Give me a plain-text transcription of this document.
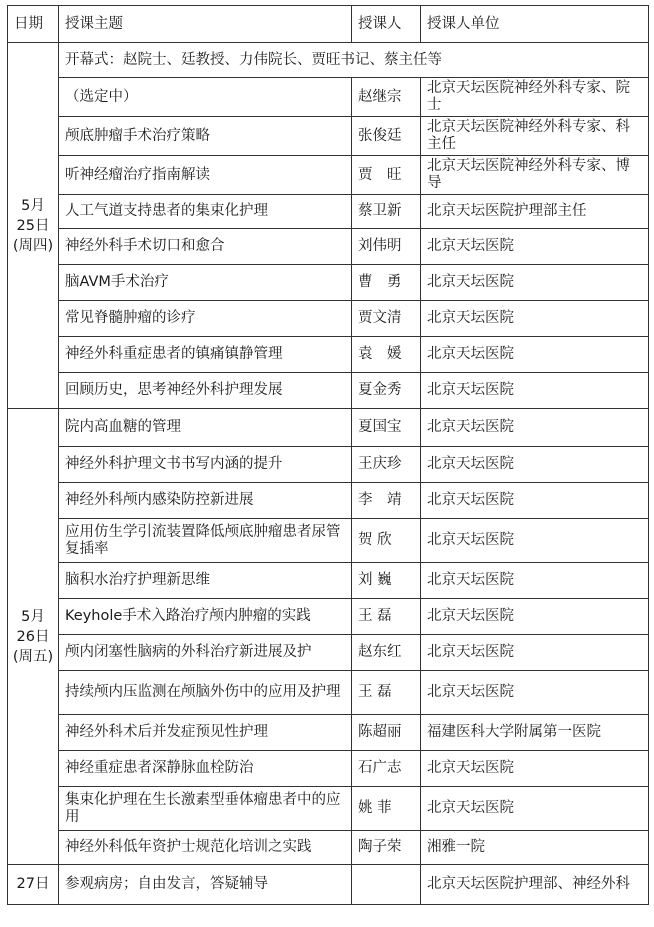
日期	授课主题	授课人	授课人单位

5月
25日
(周四)	开幕式：赵院士、廷教授、力伟院长、贾旺书记、蔡主任等		
	（选定中）	赵继宗	北京天坛医院神经外科专家、院士
	颅底肿瘤手术治疗策略	张俊廷	北京天坛医院神经外科专家、科主任
	听神经瘤治疗指南解读	贾　旺	北京天坛医院神经外科专家、博导
	人工气道支持患者的集束化护理	蔡卫新	北京天坛医院护理部主任
	神经外科手术切口和愈合	刘伟明	北京天坛医院
	脑AVM手术治疗	曹　勇	北京天坛医院
	常见脊髓肿瘤的诊疗	贾文清	北京天坛医院
	神经外科重症患者的镇痛镇静管理	袁　媛	北京天坛医院
	回顾历史，思考神经外科护理发展	夏金秀	北京天坛医院

5月
26日
(周五)	院内高血糖的管理	夏国宝	北京天坛医院
	神经外科护理文书书写内涵的提升	王庆珍	北京天坛医院
	神经外科颅内感染防控新进展	李　靖	北京天坛医院
	应用仿生学引流装置降低颅底肿瘤患者尿管复插率	贺 欣	北京天坛医院
	脑积水治疗护理新思维	刘 巍	北京天坛医院
	Keyhole手术入路治疗颅内肿瘤的实践	王 磊	北京天坛医院
	颅内闭塞性脑病的外科治疗新进展及护	赵东红	北京天坛医院
	持续颅内压监测在颅脑外伤中的应用及护理	王 磊	北京天坛医院
	神经外科术后并发症预见性护理	陈超丽	福建医科大学附属第一医院
	神经重症患者深静脉血栓防治	石广志	北京天坛医院
	集束化护理在生长激素型垂体瘤患者中的应用	姚 菲	北京天坛医院
	神经外科低年资护士规范化培训之实践	陶子荣	湘雅一院
27日	参观病房；自由发言，答疑辅导		北京天坛医院护理部、神经外科
